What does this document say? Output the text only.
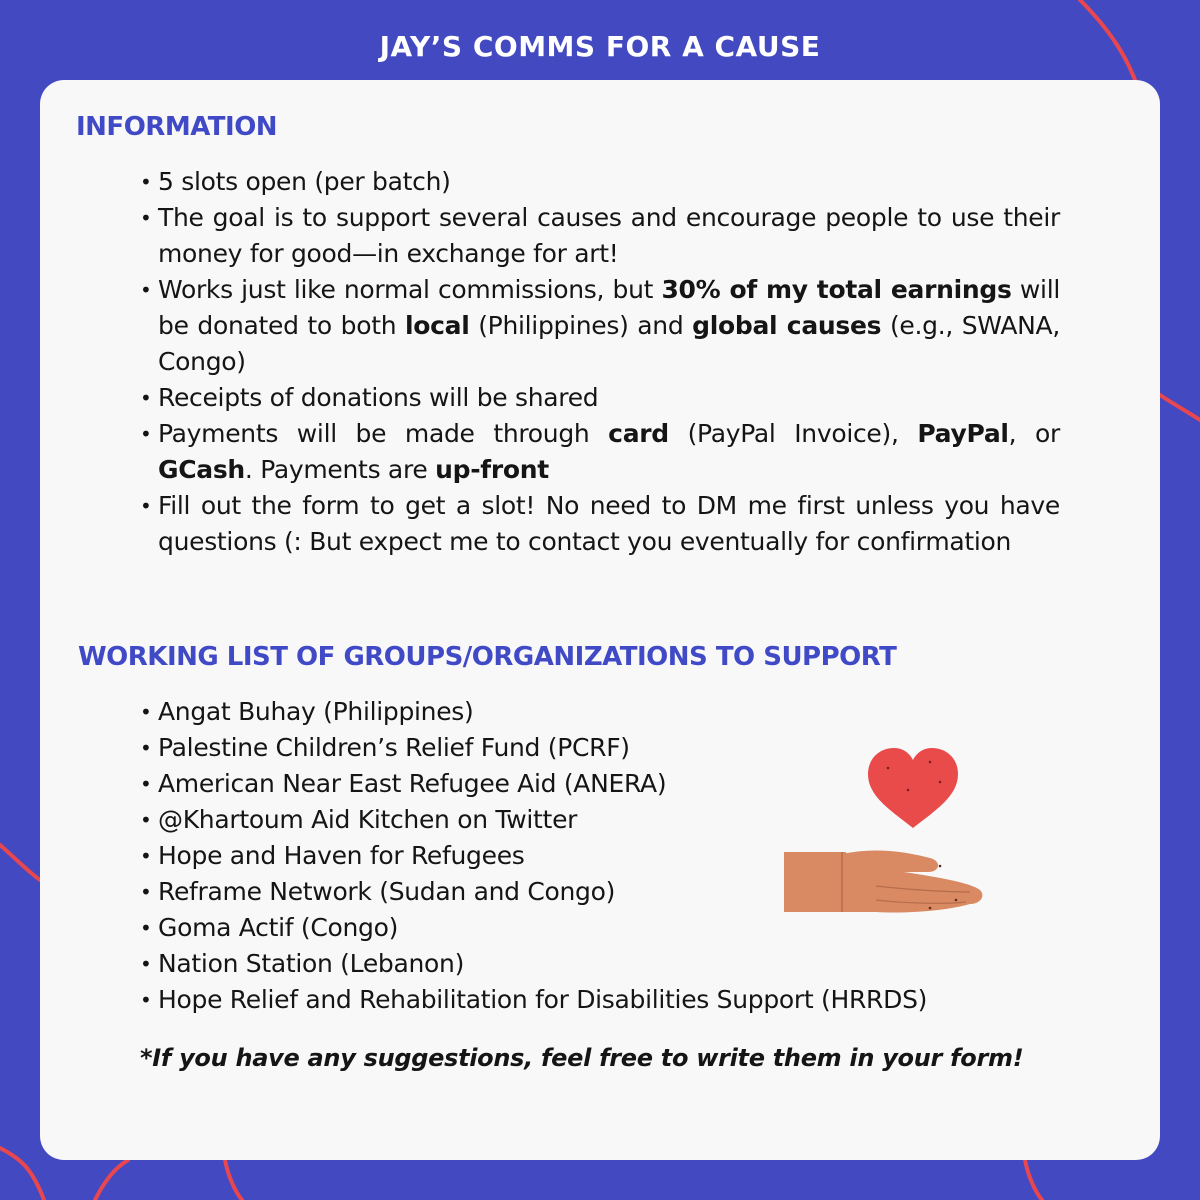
JAY’S COMMS FOR A CAUSE
INFORMATION
• 5 slots open (per batch)
• The goal is to support several causes and encourage people to use their money for good—in exchange for art!
• Works just like normal commissions, but 30% of my total earnings will be donated to both local (Philippines) and global causes (e.g., SWANA, Congo)
• Receipts of donations will be shared
• Payments will be made through card (PayPal Invoice), PayPal, or GCash. Payments are up-front
• Fill out the form to get a slot! No need to DM me first unless you have questions (: But expect me to contact you eventually for confirmation
WORKING LIST OF GROUPS/ORGANIZATIONS TO SUPPORT
• Angat Buhay (Philippines)
• Palestine Children’s Relief Fund (PCRF)
• American Near East Refugee Aid (ANERA)
• @Khartoum Aid Kitchen on Twitter
• Hope and Haven for Refugees
• Reframe Network (Sudan and Congo)
• Goma Actif (Congo)
• Nation Station (Lebanon)
• Hope Relief and Rehabilitation for Disabilities Support (HRRDS)
*If you have any suggestions, feel free to write them in your form!
